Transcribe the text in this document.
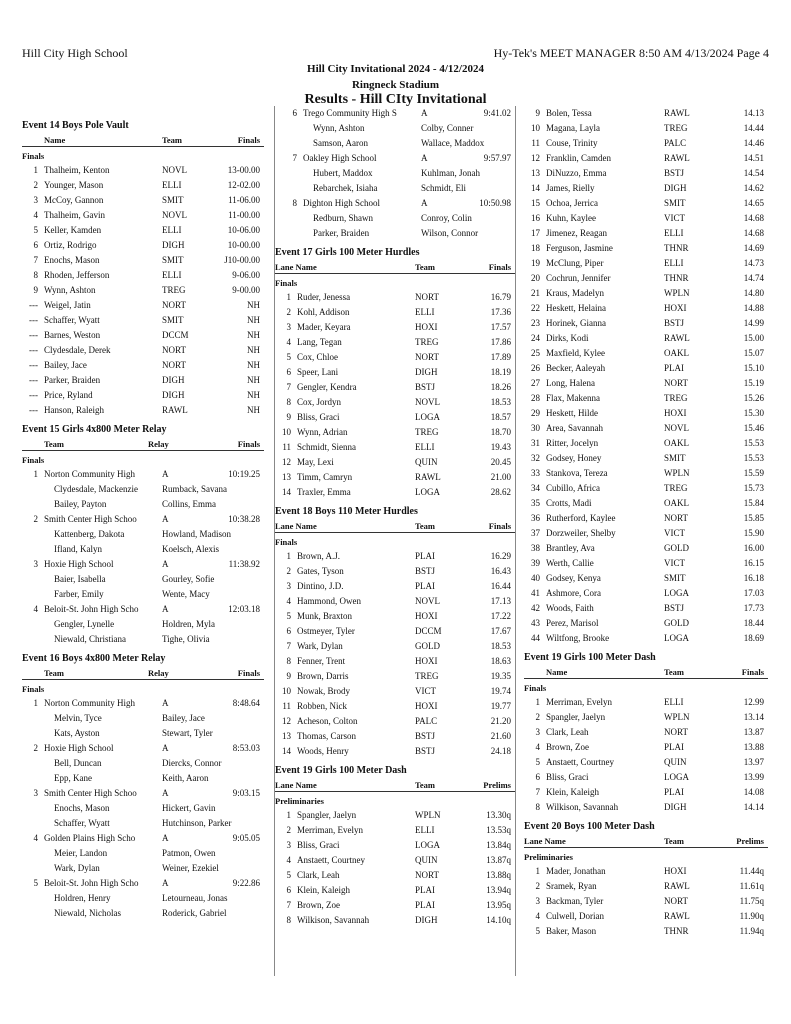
Hill City High School	Hy-Tek's MEET MANAGER 8:50 AM 4/13/2024 Page 4
Hill City Invitational 2024 - 4/12/2024
Ringneck Stadium
Results - Hill CIty Invitational
Event 14 Boys Pole Vault
Name	Team	Finals
Finals
1 Thalheim, Kenton	NOVL	13-00.00
2 Younger, Mason	ELLI	12-02.00
3 McCoy, Gannon	SMIT	11-06.00
4 Thalheim, Gavin	NOVL	11-00.00
5 Keller, Kamden	ELLI	10-06.00
6 Ortiz, Rodrigo	DIGH	10-00.00
7 Enochs, Mason	SMIT	J10-00.00
8 Rhoden, Jefferson	ELLI	9-06.00
9 Wynn, Ashton	TREG	9-00.00
--- Weigel, Jatin	NORT	NH
--- Schaffer, Wyatt	SMIT	NH
--- Barnes, Weston	DCCM	NH
--- Clydesdale, Derek	NORT	NH
--- Bailey, Jace	NORT	NH
--- Parker, Braiden	DIGH	NH
--- Price, Ryland	DIGH	NH
--- Hanson, Raleigh	RAWL	NH
Event 15 Girls 4x800 Meter Relay
Team	Relay	Finals
Finals
1 Norton Community High	A	10:19.25
Clydesdale, Mackenzie	Rumback, Savana
Bailey, Payton	Collins, Emma
2 Smith Center High Schoo	A	10:38.28
Kattenberg, Dakota	Howland, Madison
Ifland, Kalyn	Koelsch, Alexis
3 Hoxie High School	A	11:38.92
Baier, Isabella	Gourley, Sofie
Farber, Emily	Wente, Macy
4 Beloit-St. John High Scho	A	12:03.18
Gengler, Lynelle	Holdren, Myla
Niewald, Christiana	Tighe, Olivia
Event 16 Boys 4x800 Meter Relay
Team	Relay	Finals
Finals
1 Norton Community High	A	8:48.64
Melvin, Tyce	Bailey, Jace
Kats, Ayston	Stewart, Tyler
2 Hoxie High School	A	8:53.03
Bell, Duncan	Diercks, Connor
Epp, Kane	Keith, Aaron
3 Smith Center High Schoo	A	9:03.15
Enochs, Mason	Hickert, Gavin
Schaffer, Wyatt	Hutchinson, Parker
4 Golden Plains High Scho	A	9:05.05
Meier, Landon	Patmon, Owen
Wark, Dylan	Weiner, Ezekiel
5 Beloit-St. John High Scho	A	9:22.86
Holdren, Henry	Letourneau, Jonas
Niewald, Nicholas	Roderick, Gabriel
6 Trego Community High S	A	9:41.02
Wynn, Ashton	Colby, Conner
Samson, Aaron	Wallace, Maddox
7 Oakley High School	A	9:57.97
Hubert, Maddox	Kuhlman, Jonah
Rebarchek, Isiaha	Schmidt, Eli
8 Dighton High School	A	10:50.98
Redburn, Shawn	Conroy, Colin
Parker, Braiden	Wilson, Connor
Event 17 Girls 100 Meter Hurdles
Lane Name	Team	Finals
Finals
1 Ruder, Jenessa	NORT	16.79
2 Kohl, Addison	ELLI	17.36
3 Mader, Keyara	HOXI	17.57
4 Lang, Tegan	TREG	17.86
5 Cox, Chloe	NORT	17.89
6 Speer, Lani	DIGH	18.19
7 Gengler, Kendra	BSTJ	18.26
8 Cox, Jordyn	NOVL	18.53
9 Bliss, Graci	LOGA	18.57
10 Wynn, Adrian	TREG	18.70
11 Schmidt, Sienna	ELLI	19.43
12 May, Lexi	QUIN	20.45
13 Timm, Camryn	RAWL	21.00
14 Traxler, Emma	LOGA	28.62
Event 18 Boys 110 Meter Hurdles
Lane Name	Team	Finals
Finals
1 Brown, A.J.	PLAI	16.29
2 Gates, Tyson	BSTJ	16.43
3 Dintino, J.D.	PLAI	16.44
4 Hammond, Owen	NOVL	17.13
5 Munk, Braxton	HOXI	17.22
6 Ostmeyer, Tyler	DCCM	17.67
7 Wark, Dylan	GOLD	18.53
8 Fenner, Trent	HOXI	18.63
9 Brown, Darris	TREG	19.35
10 Nowak, Brody	VICT	19.74
11 Robben, Nick	HOXI	19.77
12 Acheson, Colton	PALC	21.20
13 Thomas, Carson	BSTJ	21.60
14 Woods, Henry	BSTJ	24.18
Event 19 Girls 100 Meter Dash
Lane Name	Team	Prelims
Preliminaries
1 Spangler, Jaelyn	WPLN	13.30q
2 Merriman, Evelyn	ELLI	13.53q
3 Bliss, Graci	LOGA	13.84q
4 Anstaett, Courtney	QUIN	13.87q
5 Clark, Leah	NORT	13.88q
6 Klein, Kaleigh	PLAI	13.94q
7 Brown, Zoe	PLAI	13.95q
8 Wilkison, Savannah	DIGH	14.10q
9 Bolen, Tessa	RAWL	14.13
10 Magana, Layla	TREG	14.44
11 Couse, Trinity	PALC	14.46
12 Franklin, Camden	RAWL	14.51
13 DiNuzzo, Emma	BSTJ	14.54
14 James, Rielly	DIGH	14.62
15 Ochoa, Jerrica	SMIT	14.65
16 Kuhn, Kaylee	VICT	14.68
17 Jimenez, Reagan	ELLI	14.68
18 Ferguson, Jasmine	THNR	14.69
19 McClung, Piper	ELLI	14.73
20 Cochrun, Jennifer	THNR	14.74
21 Kraus, Madelyn	WPLN	14.80
22 Heskett, Helaina	HOXI	14.88
23 Horinek, Gianna	BSTJ	14.99
24 Dirks, Kodi	RAWL	15.00
25 Maxfield, Kylee	OAKL	15.07
26 Becker, Aaleyah	PLAI	15.10
27 Long, Halena	NORT	15.19
28 Flax, Makenna	TREG	15.26
29 Heskett, Hilde	HOXI	15.30
30 Area, Savannah	NOVL	15.46
31 Ritter, Jocelyn	OAKL	15.53
32 Godsey, Honey	SMIT	15.53
33 Stankova, Tereza	WPLN	15.59
34 Cubillo, Africa	TREG	15.73
35 Crotts, Madi	OAKL	15.84
36 Rutherford, Kaylee	NORT	15.85
37 Dorzweiler, Shelby	VICT	15.90
38 Brantley, Ava	GOLD	16.00
39 Werth, Callie	VICT	16.15
40 Godsey, Kenya	SMIT	16.18
41 Ashmore, Cora	LOGA	17.03
42 Woods, Faith	BSTJ	17.73
43 Perez, Marisol	GOLD	18.44
44 Wiltfong, Brooke	LOGA	18.69
Event 19 Girls 100 Meter Dash
Name	Team	Finals
Finals
1 Merriman, Evelyn	ELLI	12.99
2 Spangler, Jaelyn	WPLN	13.14
3 Clark, Leah	NORT	13.87
4 Brown, Zoe	PLAI	13.88
5 Anstaett, Courtney	QUIN	13.97
6 Bliss, Graci	LOGA	13.99
7 Klein, Kaleigh	PLAI	14.08
8 Wilkison, Savannah	DIGH	14.14
Event 20 Boys 100 Meter Dash
Lane Name	Team	Prelims
Preliminaries
1 Mader, Jonathan	HOXI	11.44q
2 Sramek, Ryan	RAWL	11.61q
3 Backman, Tyler	NORT	11.75q
4 Culwell, Dorian	RAWL	11.90q
5 Baker, Mason	THNR	11.94q
